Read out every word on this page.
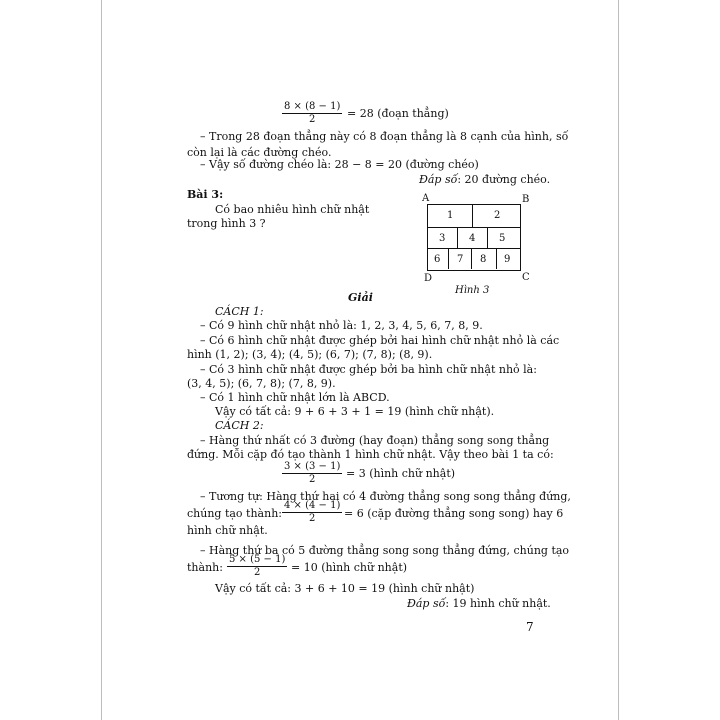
$\frac{8 \times (8 - 1)}{2} = 28$ (đoạn thẳng)
– Trong 28 đoạn thẳng này có 8 đoạn thẳng là 8 cạnh của hình, số
còn lại là các đường chéo.
– Vậy số đường chéo là: 28 − 8 = 20 (đường chéo)
Đáp số: 20 đường chéo.
Bài 3:
Có bao nhiêu hình chữ nhật
trong hình 3 ?
A	B
D	C
1	2
3 4 5
6 7 8 9
Hình 3
Giải
CÁCH 1:
– Có 9 hình chữ nhật nhỏ là: 1, 2, 3, 4, 5, 6, 7, 8, 9.
– Có 6 hình chữ nhật được ghép bởi hai hình chữ nhật nhỏ là các
hình (1, 2); (3, 4); (4, 5); (6, 7); (7, 8); (8, 9).
– Có 3 hình chữ nhật được ghép bởi ba hình chữ nhật nhỏ là:
(3, 4, 5); (6, 7, 8); (7, 8, 9).
– Có 1 hình chữ nhật lớn là ABCD.
Vậy có tất cả: 9 + 6 + 3 + 1 = 19 (hình chữ nhật).
CÁCH 2:
– Hàng thứ nhất có 3 đường (hay đoạn) thẳng song song thẳng
đứng. Mỗi cặp đó tạo thành 1 hình chữ nhật. Vậy theo bài 1 ta có:
$\frac{3 \times (3 - 1)}{2} = 3$ (hình chữ nhật)
– Tương tự: Hàng thứ hai có 4 đường thẳng song song thẳng đứng,
chúng tạo thành: $\frac{4 \times (4 - 1)}{2} = 6$ (cặp đường thẳng song song) hay 6
hình chữ nhật.
– Hàng thứ ba có 5 đường thẳng song song thẳng đứng, chúng tạo
thành: $\frac{5 \times (5 - 1)}{2} = 10$ (hình chữ nhật)
Vậy có tất cả: 3 + 6 + 10 = 19 (hình chữ nhật)
Đáp số: 19 hình chữ nhật.
7
